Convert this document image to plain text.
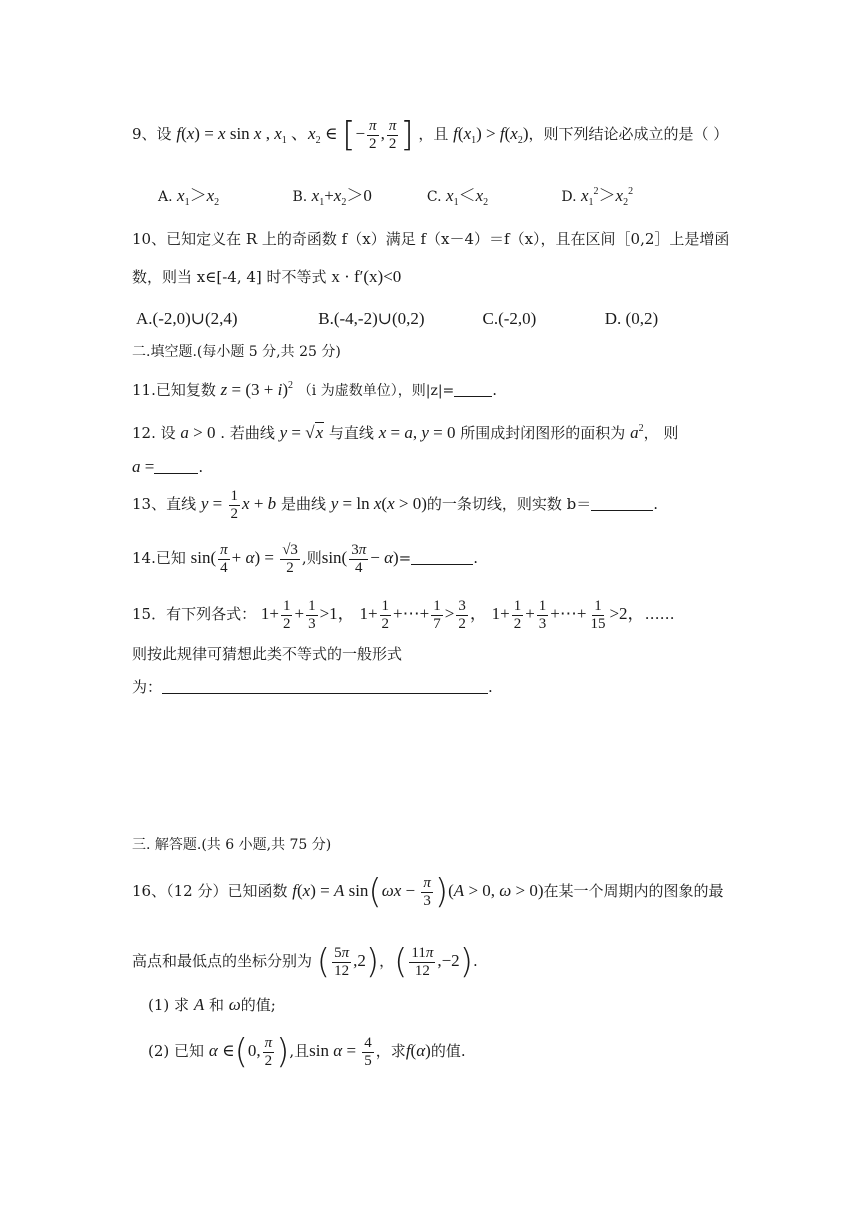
9、设 f(x) = x sin x , $x_1$ 、$x_2$ ∈ [− $\frac{\pi}{2}$ , $\frac{\pi}{2}$ ] ，且 $f(x_1) > f(x_2)$，则下列结论必成立的是（ ）
A. $x_1>x_2$	B. $x_1+x_2>0$	C. $x_1<x_2$	D. $x_1^2>x_2^2$
10、已知定义在 R 上的奇函数 f（x）满足 f（x－4）＝f（x），且在区间［0,2］上是增函
数，则当 x∈[-4, 4] 时不等式 x · f′(x)<0
A.(-2,0)∪(2,4)	B.(-4,-2)∪(0,2)	C.(-2,0)	D. (0,2)
二.填空题.(每小题 5 分,共 25 分)
11.已知复数 $z = (3 + i)^2$ （i 为虚数单位），则|z|=	.
12. 设 a > 0 . 若曲线 y = √x 与直线 x = a, y = 0 所围成封闭图形的面积为 $a^2$， 则
a =	.
13、直线 $y = \frac{1}{2}$ x + b 是曲线 y = ln x(x > 0)的一条切线，则实数 b＝	.
14.已知 $\sin( \frac{\pi}{4} + \alpha) = \frac{√3}{2}$ ,则$\sin( \frac{3\pi}{4} - \alpha)=$	.
15．有下列各式： $1+ \frac{1}{2} + \frac{1}{3} >1$， $1+ \frac{1}{2}$ +⋯+ $\frac{1}{7} > \frac{3}{2}$ ， $1+ \frac{1}{2} + \frac{1}{3}$ +⋯+ $\frac{1}{15} >2$，……
则按此规律可猜想此类不等式的一般形式
为：	.
三. 解答题.(共 6 小题,共 75 分)
16、（12 分）已知函数 f(x) = A $\sin(\omega x - \frac{\pi}{3} )(A > 0$, ω > 0)在某一个周期内的图象的最
高点和最低点的坐标分别为 ( $\frac{5\pi}{12} ,2$)，( $\frac{11\pi}{12} ,-2$).
(1) 求 A 和 ω的值;
(2) 已知 α ∈(0, $\frac{\pi}{2}$ ),且$\sin \alpha = \frac{4}{5}$ ，求f(α)的值.
